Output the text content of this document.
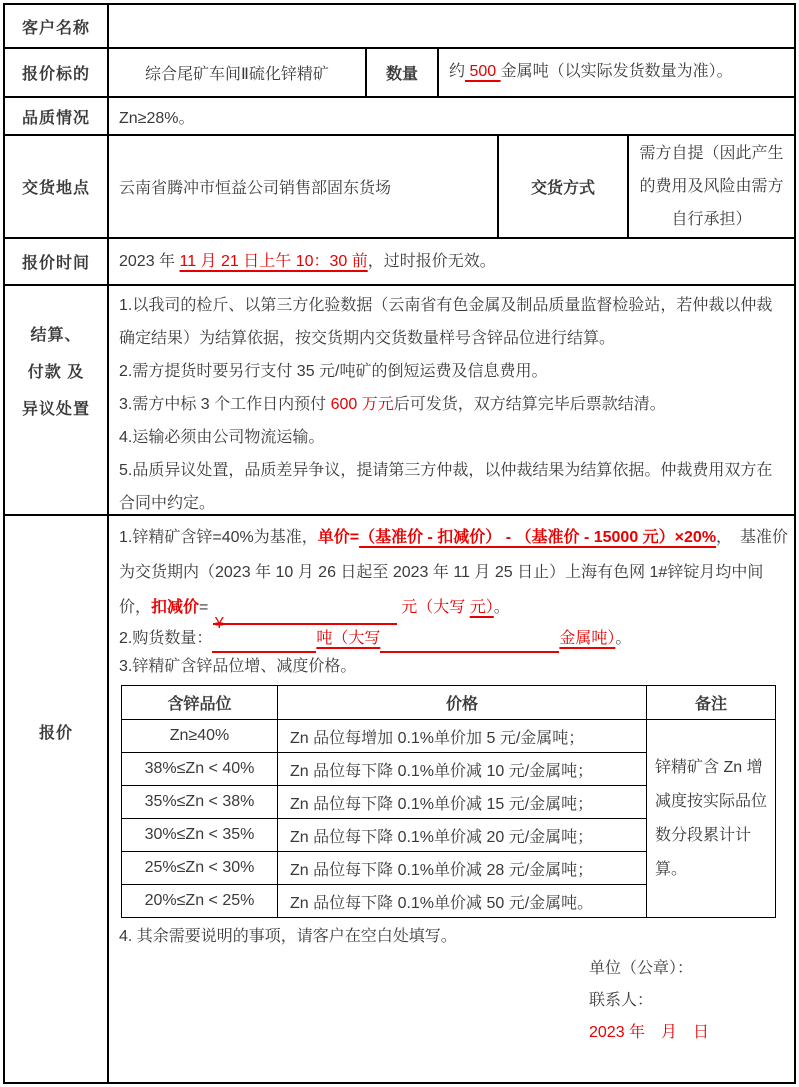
客户名称
报价标的	综合尾矿车间Ⅱ硫化锌精矿	数量	约 500 金属吨（以实际发货数量为准）。
品质情况	Zn≥28%。
交货地点	云南省腾冲市恒益公司销售部固东货场	交货方式
需方自提（因此产生的费用及风险由需方自行承担）
报价时间	2023 年 11 月 21 日上午 10：30 前，过时报价无效。
结算、
付款 及
异议处置
1.以我司的检斤、以第三方化验数据（云南省有色金属及制品质量监督检验站，若仲裁以仲裁确定结果）为结算依据，按交货期内交货数量样号含锌品位进行结算。
2.需方提货时要另行支付 35 元/吨矿的倒短运费及信息费用。
3.需方中标 3 个工作日内预付 600 万元后可发货，双方结算完毕后票款结清。
4.运输必须由公司物流运输。
5.品质异议处置，品质差异争议，提请第三方仲裁，以仲裁结果为结算依据。仲裁费用双方在合同中约定。
报价
1.锌精矿含锌=40%为基准，单价=（基准价 - 扣减价） - （基准价 - 15000 元）×20%，　基准价为交货期内（2023 年 10 月 26 日起至 2023 年 11 月 25 日止）上海有色网 1#锌锭月均中间价，扣减价= ¥ 元（大写 元）。
2.购货数量：	吨（大写	金属吨）。
3.锌精矿含锌品位增、减度价格。
含锌品位	价格	备注
Zn≥40%	Zn 品位每增加 0.1%单价加 5 元/金属吨；	锌精矿含 Zn 增减度按实际品位数分段累计计算。
38%≤Zn < 40%	Zn 品位每下降 0.1%单价减 10 元/金属吨；	
35%≤Zn < 38%	Zn 品位每下降 0.1%单价减 15 元/金属吨；	
30%≤Zn < 35%	Zn 品位每下降 0.1%单价减 20 元/金属吨；	
25%≤Zn < 30%	Zn 品位每下降 0.1%单价减 28 元/金属吨；	
20%≤Zn < 25%	Zn 品位每下降 0.1%单价减 50 元/金属吨。	
4. 其余需要说明的事项，请客户在空白处填写。
单位（公章）：
联系人：
2023 年　月　日
